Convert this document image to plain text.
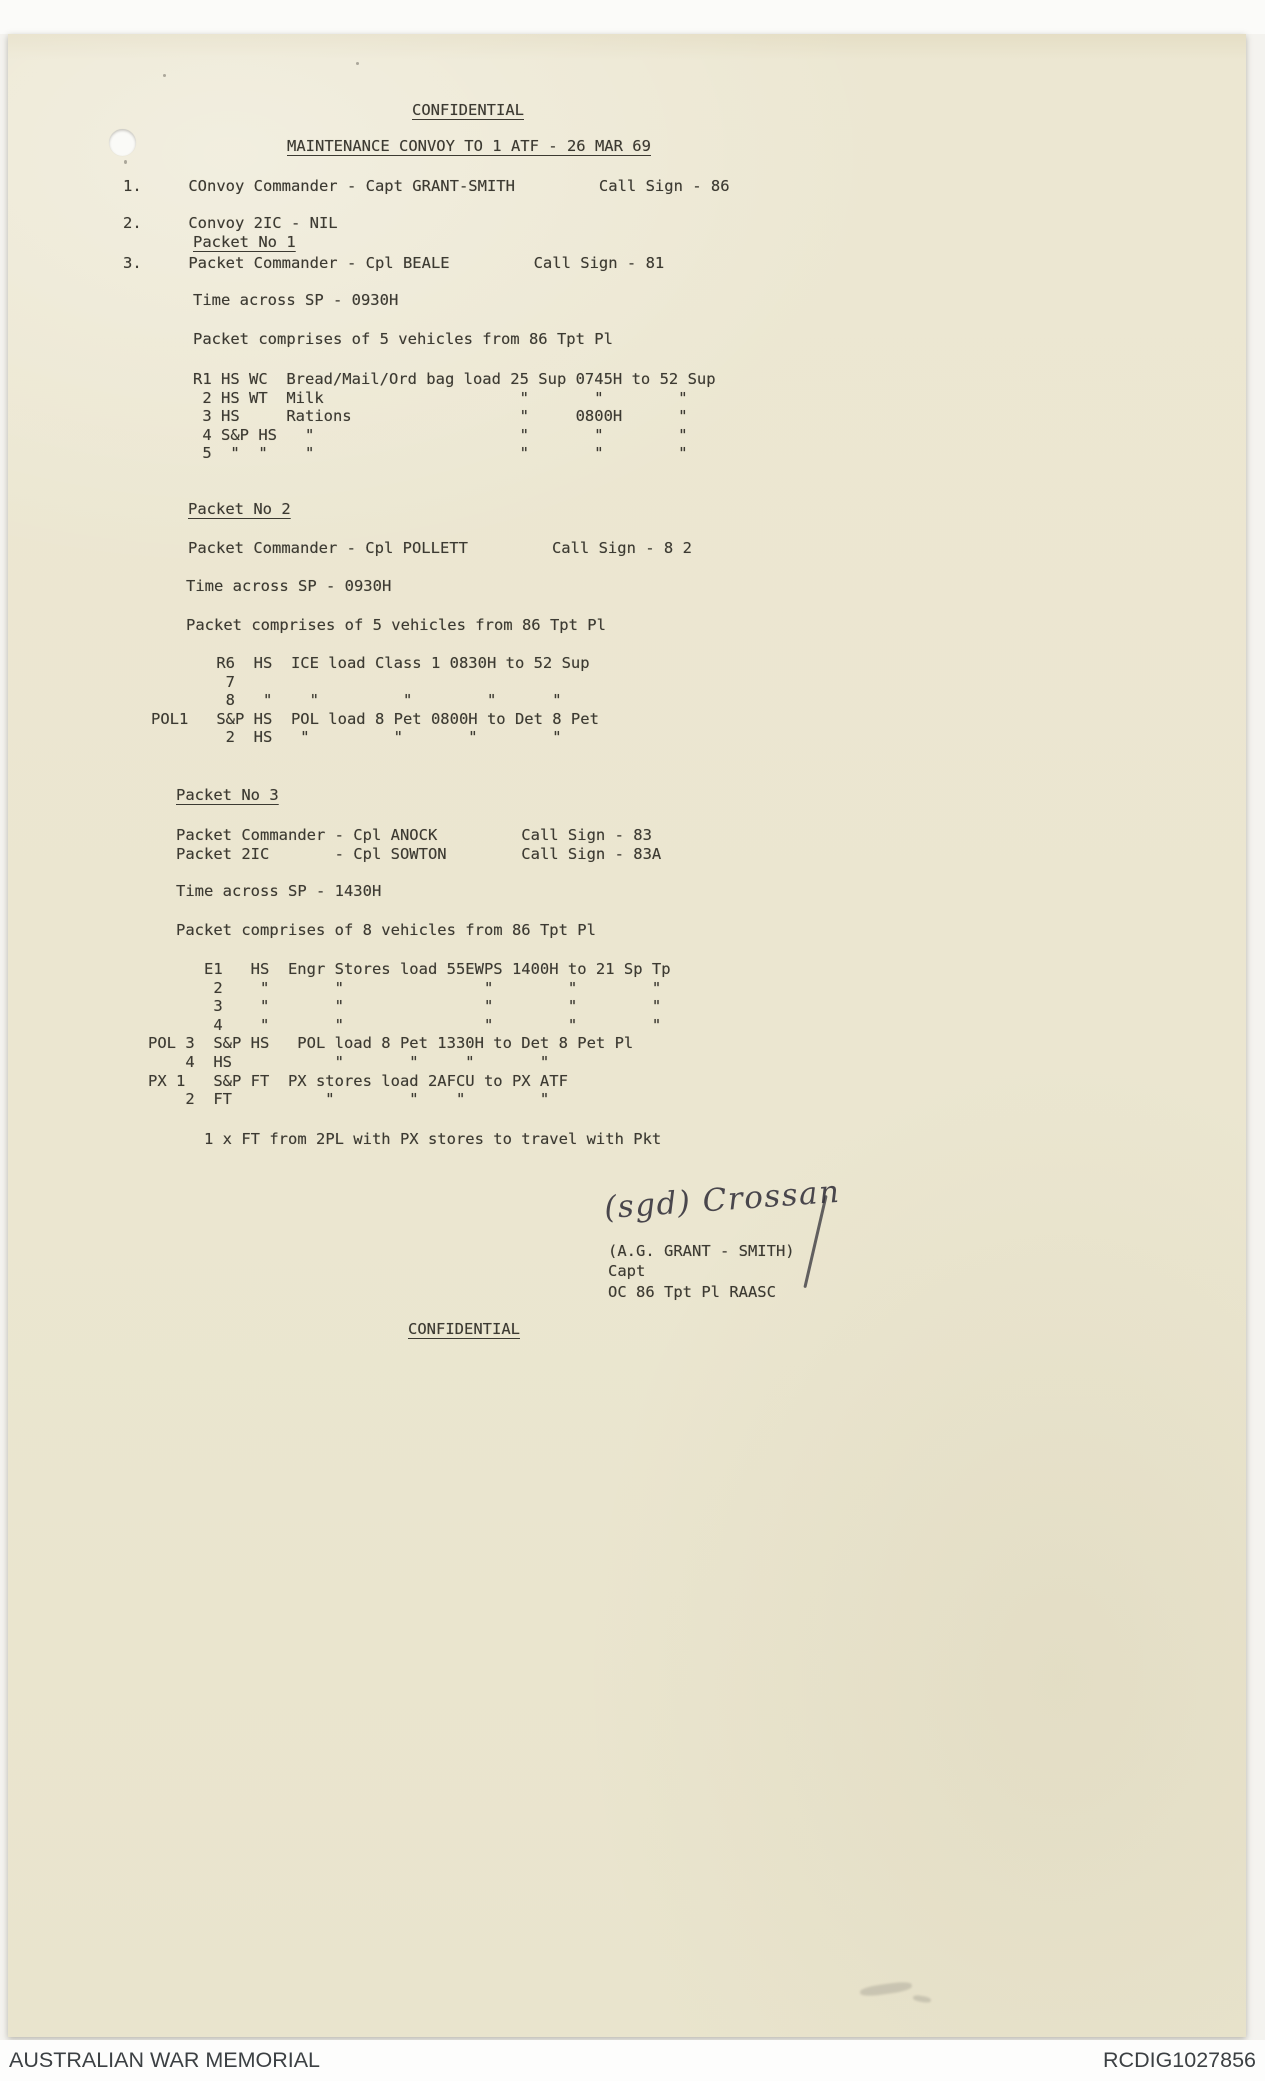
CONFIDENTIAL
MAINTENANCE CONVOY TO 1 ATF - 26 MAR 69
1.     COnvoy Commander - Capt GRANT-SMITH         Call Sign - 86
2.     Convoy 2IC - NIL
Packet No 1
3.     Packet Commander - Cpl BEALE         Call Sign - 81
Time across SP - 0930H
Packet comprises of 5 vehicles from 86 Tpt Pl
R1 HS WC  Bread/Mail/Ord bag load 25 Sup 0745H to 52 Sup
2 HS WT  Milk                     "       "        "
3 HS     Rations                  "     0800H      "
4 S&P HS   "                      "       "        "
5  "  "    "                      "       "        "
Packet No 2
Packet Commander - Cpl POLLETT         Call Sign - 8 2
Time across SP - 0930H
Packet comprises of 5 vehicles from 86 Tpt Pl
R6  HS  ICE load Class 1 0830H to 52 Sup
7
8   "    "         "        "      "
POL1   S&P HS  POL load 8 Pet 0800H to Det 8 Pet
2  HS   "         "       "        "
Packet No 3
Packet Commander - Cpl ANOCK         Call Sign - 83
Packet 2IC       - Cpl SOWTON        Call Sign - 83A
Time across SP - 1430H
Packet comprises of 8 vehicles from 86 Tpt Pl
E1   HS  Engr Stores load 55EWPS 1400H to 21 Sp Tp
2    "       "               "        "        "
3    "       "               "        "        "
4    "       "               "        "        "
POL 3  S&P HS   POL load 8 Pet 1330H to Det 8 Pet Pl
4  HS           "       "     "       "
PX 1   S&P FT  PX stores load 2AFCU to PX ATF
2  FT          "        "    "        "
1 x FT from 2PL with PX stores to travel with Pkt
(sgd) Crossan
(A.G. GRANT - SMITH)
Capt
OC 86 Tpt Pl RAASC
CONFIDENTIAL
AUSTRALIAN WAR MEMORIAL	RCDIG1027856
